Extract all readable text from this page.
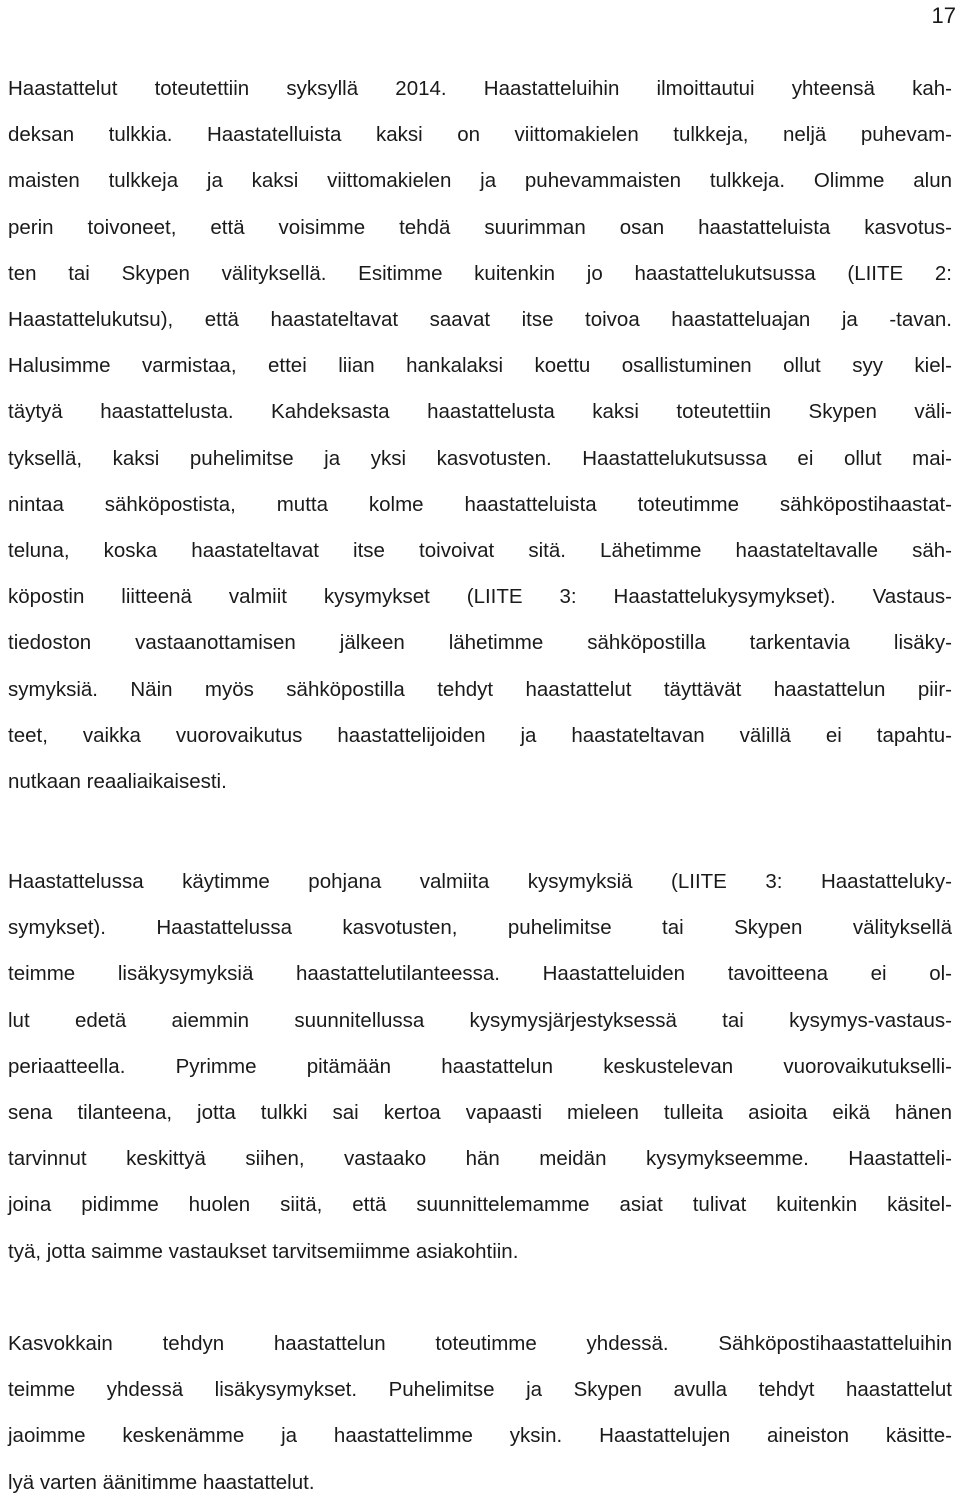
17
Haastattelut toteutettiin syksyllä 2014. Haastatteluihin ilmoittautui yhteensä kah-
deksan tulkkia. Haastatelluista kaksi on viittomakielen tulkkeja, neljä puhevam-
maisten tulkkeja ja kaksi viittomakielen ja puhevammaisten tulkkeja. Olimme alun
perin toivoneet, että voisimme tehdä suurimman osan haastatteluista kasvotus-
ten tai Skypen välityksellä. Esitimme kuitenkin jo haastattelukutsussa (LIITE 2:
Haastattelukutsu), että haastateltavat saavat itse toivoa haastatteluajan ja -tavan.
Halusimme varmistaa, ettei liian hankalaksi koettu osallistuminen ollut syy kiel-
täytyä haastattelusta. Kahdeksasta haastattelusta kaksi toteutettiin Skypen väli-
tyksellä, kaksi puhelimitse ja yksi kasvotusten. Haastattelukutsussa ei ollut mai-
nintaa sähköpostista, mutta kolme haastatteluista toteutimme sähköpostihaastat-
teluna, koska haastateltavat itse toivoivat sitä. Lähetimme haastateltavalle säh-
köpostin liitteenä valmiit kysymykset (LIITE 3: Haastattelukysymykset). Vastaus-
tiedoston vastaanottamisen jälkeen lähetimme sähköpostilla tarkentavia lisäky-
symyksiä. Näin myös sähköpostilla tehdyt haastattelut täyttävät haastattelun piir-
teet, vaikka vuorovaikutus haastattelijoiden ja haastateltavan välillä ei tapahtu-
nutkaan reaaliaikaisesti.
Haastattelussa käytimme pohjana valmiita kysymyksiä (LIITE 3: Haastatteluky-
symykset). Haastattelussa kasvotusten, puhelimitse tai Skypen välityksellä
teimme lisäkysymyksiä haastattelutilanteessa. Haastatteluiden tavoitteena ei ol-
lut edetä aiemmin suunnitellussa kysymysjärjestyksessä tai kysymys-vastaus-
periaatteella. Pyrimme pitämään haastattelun keskustelevan vuorovaikutukselli-
sena tilanteena, jotta tulkki sai kertoa vapaasti mieleen tulleita asioita eikä hänen
tarvinnut keskittyä siihen, vastaako hän meidän kysymykseemme. Haastatteli-
joina pidimme huolen siitä, että suunnittelemamme asiat tulivat kuitenkin käsitel-
tyä, jotta saimme vastaukset tarvitsemiimme asiakohtiin.
Kasvokkain tehdyn haastattelun toteutimme yhdessä. Sähköpostihaastatteluihin
teimme yhdessä lisäkysymykset. Puhelimitse ja Skypen avulla tehdyt haastattelut
jaoimme keskenämme ja haastattelimme yksin. Haastattelujen aineiston käsitte-
lyä varten äänitimme haastattelut.
